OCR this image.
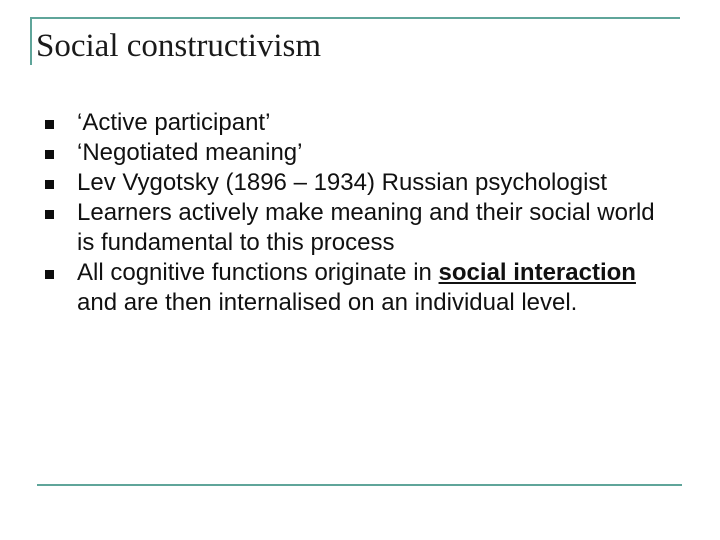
Social constructivism
‘Active participant’
‘Negotiated meaning’
Lev Vygotsky (1896 – 1934) Russian psychologist
Learners actively make meaning and their social world is fundamental to this process
All cognitive functions originate in social interaction and are then internalised on an individual level.
